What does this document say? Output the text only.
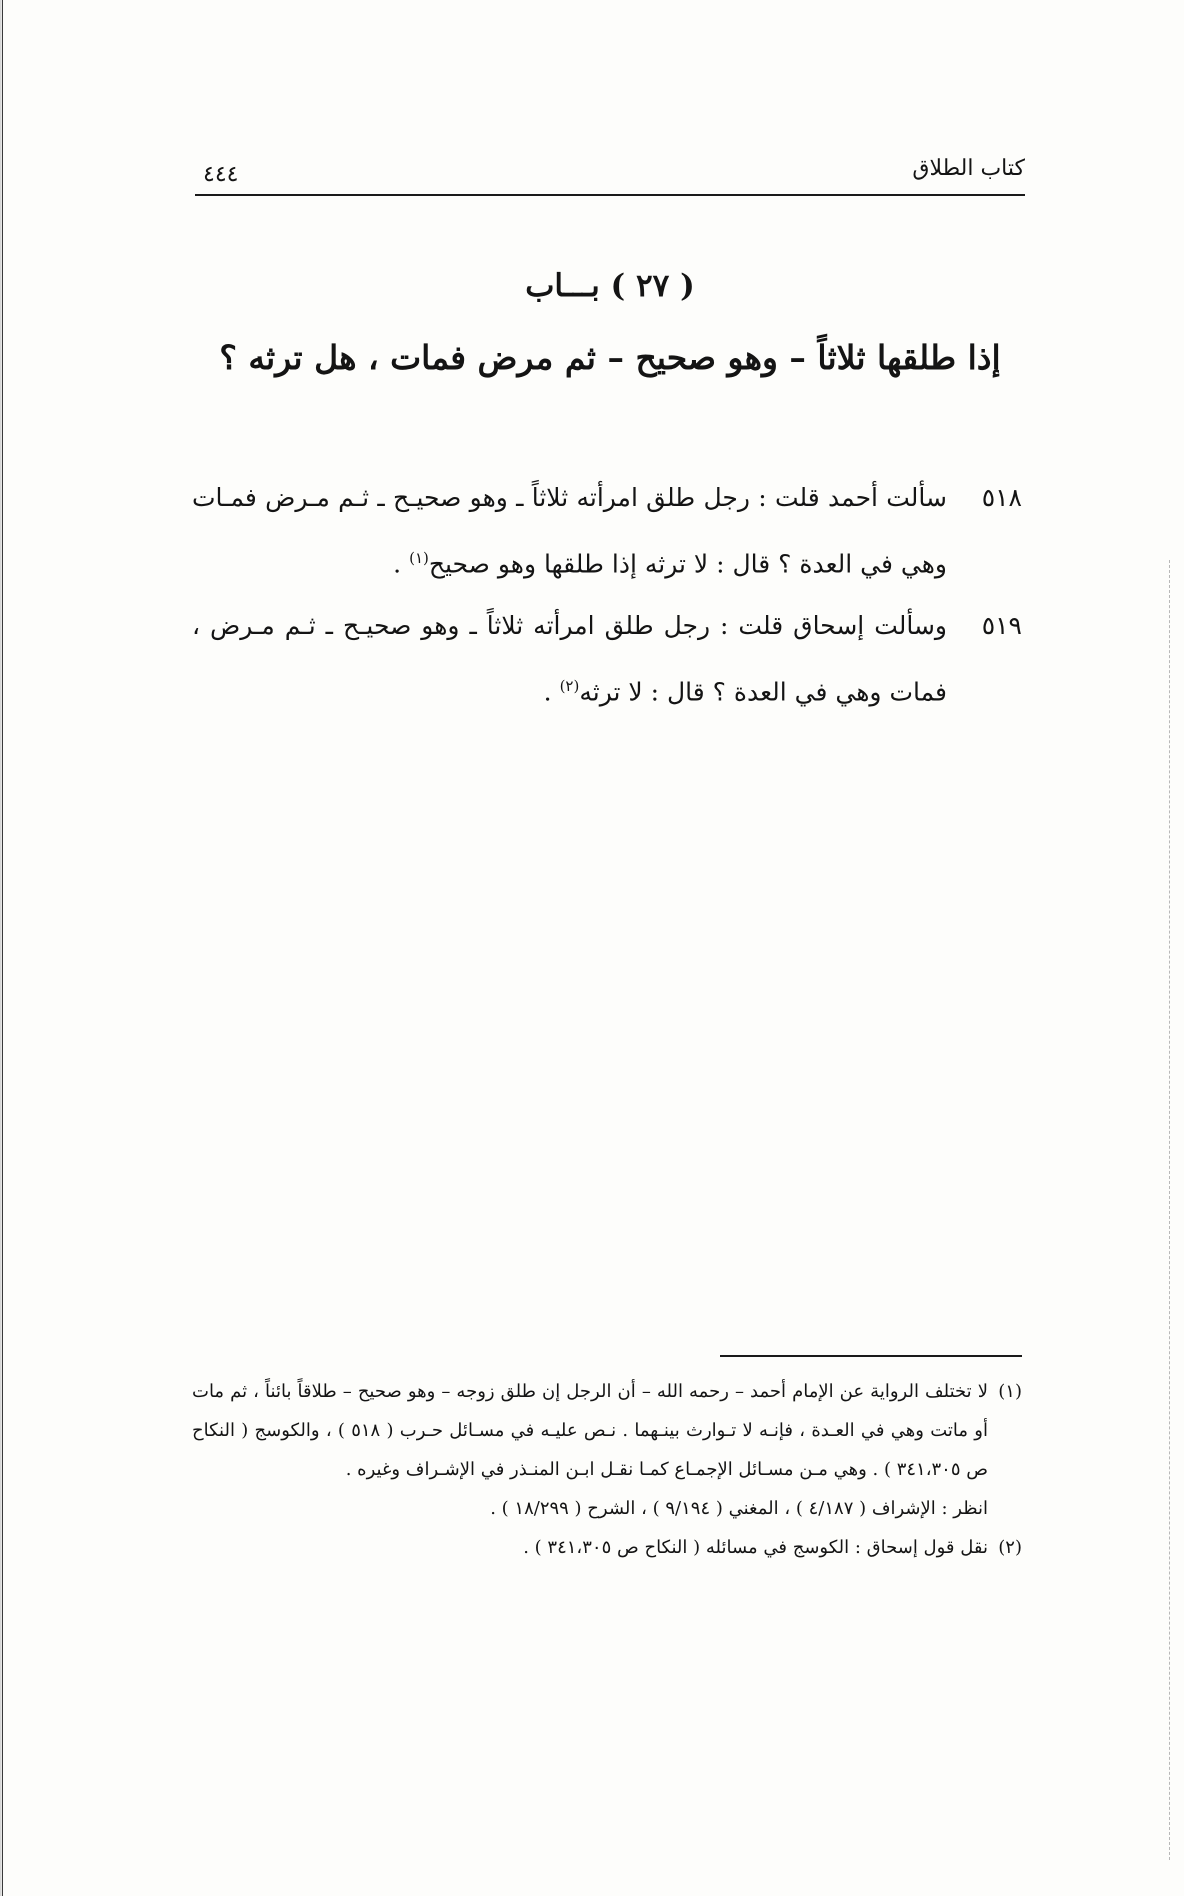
كتاب الطلاق
٤٤٤
( ٢٧ ) بـــاب
إذا طلقها ثلاثاً – وهو صحيح – ثم مرض فمات ، هل ترثه ؟
٥١٨
سألت أحمد قلت : رجل طلق امرأته ثلاثاً ـ وهو صحيـح ـ ثـم مـرض فمـات وهي في العدة ؟ قال : لا ترثه إذا طلقها وهو صحيح$^{(١)}$ .
٥١٩
وسألت إسحاق قلت : رجل طلق امرأته ثلاثاً ـ وهو صحيـح ـ ثـم مـرض ، فمات وهي في العدة ؟ قال : لا ترثه$^{(٢)}$ .
(١)
لا تختلف الرواية عن الإمام أحمد – رحمه الله – أن الرجل إن طلق زوجه – وهو صحيح – طلاقاً بائناً ، ثم مات أو ماتت وهي في العـدة ، فإنـه لا تـوارث بينـهما . نـص عليـه في مسـائل حـرب ( ٥١٨ ) ، والكوسج ( النكاح ص ٣٤١،٣٠٥ ) . وهي مـن مسـائل الإجمـاع كمـا نقـل ابـن المنـذر في الإشـراف وغيره .
انظر : الإشراف ( ٤/١٨٧ ) ، المغني ( ٩/١٩٤ ) ، الشرح ( ١٨/٢٩٩ ) .
(٢)
نقل قول إسحاق : الكوسج في مسائله ( النكاح ص ٣٤١،٣٠٥ ) .
